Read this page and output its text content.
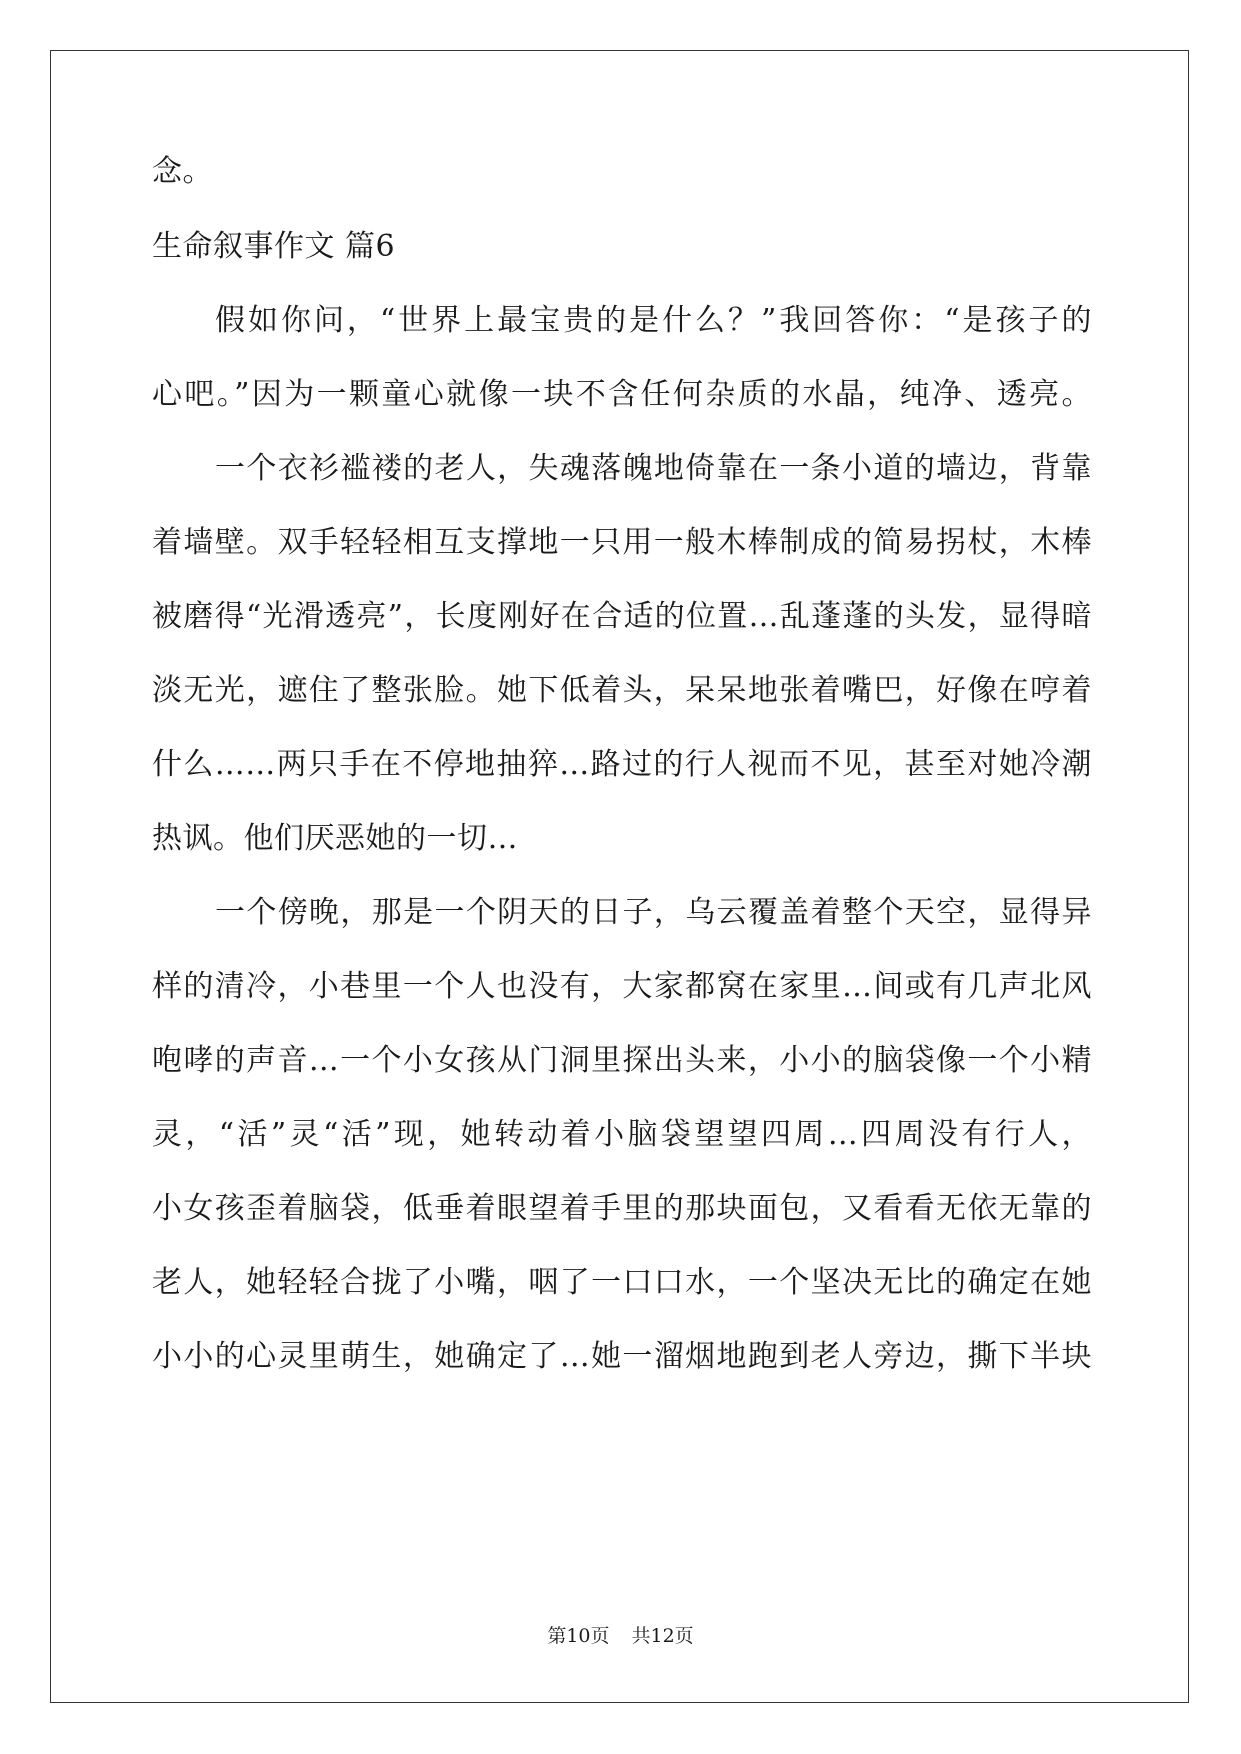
念。
生命叙事作文 篇6
假如你问，“世界上最宝贵的是什么？”我回答你：“是孩子的
心吧。”因为一颗童心就像一块不含任何杂质的水晶，纯净、透亮。
一个衣衫褴褛的老人，失魂落魄地倚靠在一条小道的墙边，背靠
着墙壁。双手轻轻相互支撑地一只用一般木棒制成的简易拐杖，木棒
被磨得“光滑透亮”，长度刚好在合适的位置…乱蓬蓬的头发，显得暗
淡无光，遮住了整张脸。她下低着头，呆呆地张着嘴巴，好像在哼着
什么……两只手在不停地抽猝…路过的行人视而不见，甚至对她冷潮
热讽。他们厌恶她的一切…
一个傍晚，那是一个阴天的日子，乌云覆盖着整个天空，显得异
样的清冷，小巷里一个人也没有，大家都窝在家里…间或有几声北风
咆哮的声音…一个小女孩从门洞里探出头来，小小的脑袋像一个小精
灵，“活”灵“活”现，她转动着小脑袋望望四周…四周没有行人，
小女孩歪着脑袋，低垂着眼望着手里的那块面包，又看看无依无靠的
老人，她轻轻合拢了小嘴，咽了一口口水，一个坚决无比的确定在她
小小的心灵里萌生，她确定了…她一溜烟地跑到老人旁边，撕下半块
第10页 共12页
